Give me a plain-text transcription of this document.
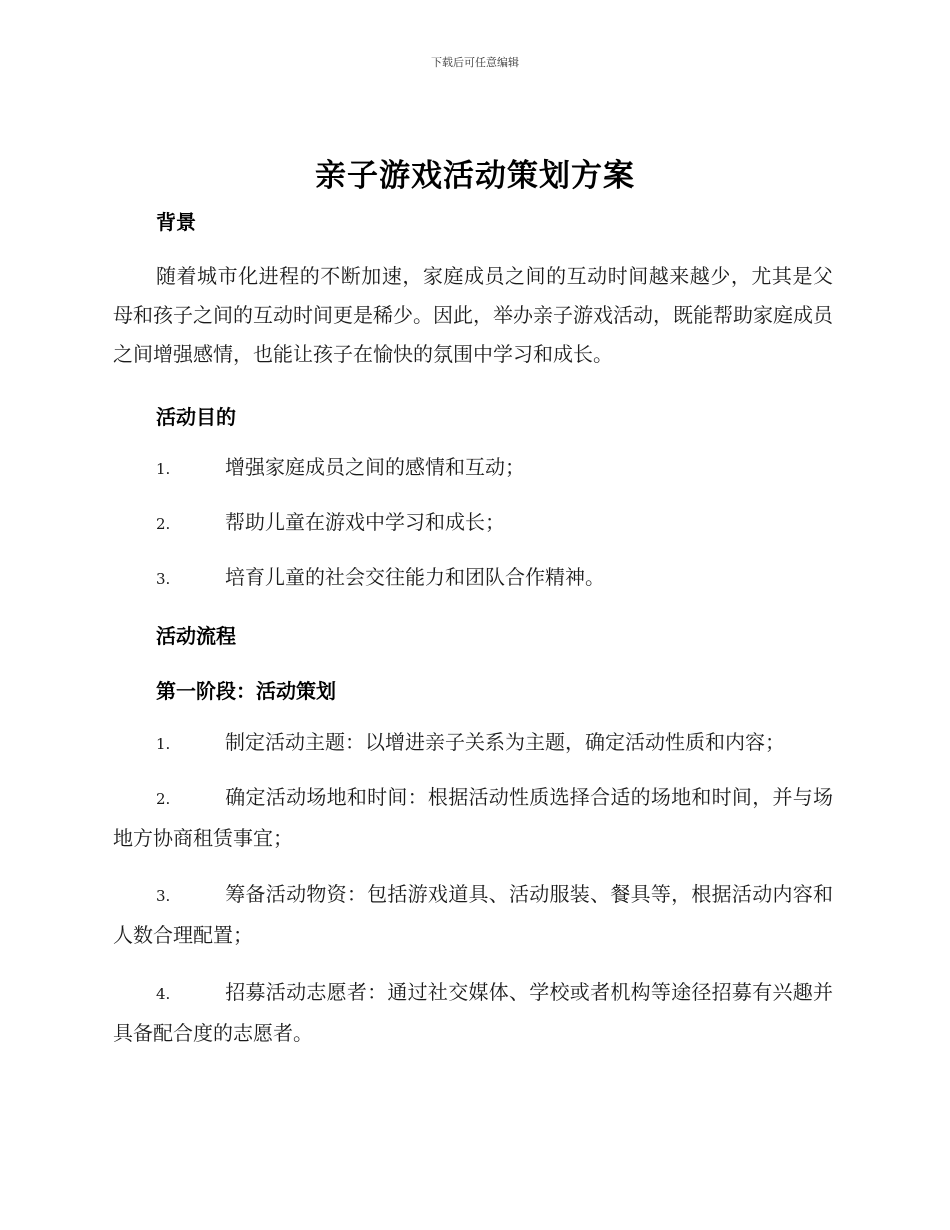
下载后可任意编辑
亲子游戏活动策划方案
背景

随着城市化进程的不断加速，家庭成员之间的互动时间越来越少，尤其是父母和孩子之间的互动时间更是稀少。因此，举办亲子游戏活动，既能帮助家庭成员之间增强感情，也能让孩子在愉快的氛围中学习和成长。

活动目的

1.	增强家庭成员之间的感情和互动；

2.	帮助儿童在游戏中学习和成长；

3.	培育儿童的社会交往能力和团队合作精神。

活动流程
第一阶段：活动策划

1.	制定活动主题：以增进亲子关系为主题，确定活动性质和内容；

2.	确定活动场地和时间：根据活动性质选择合适的场地和时间，并与场地方协商租赁事宜；

3.	筹备活动物资：包括游戏道具、活动服装、餐具等，根据活动内容和人数合理配置；

4.	招募活动志愿者：通过社交媒体、学校或者机构等途径招募有兴趣并具备配合度的志愿者。
